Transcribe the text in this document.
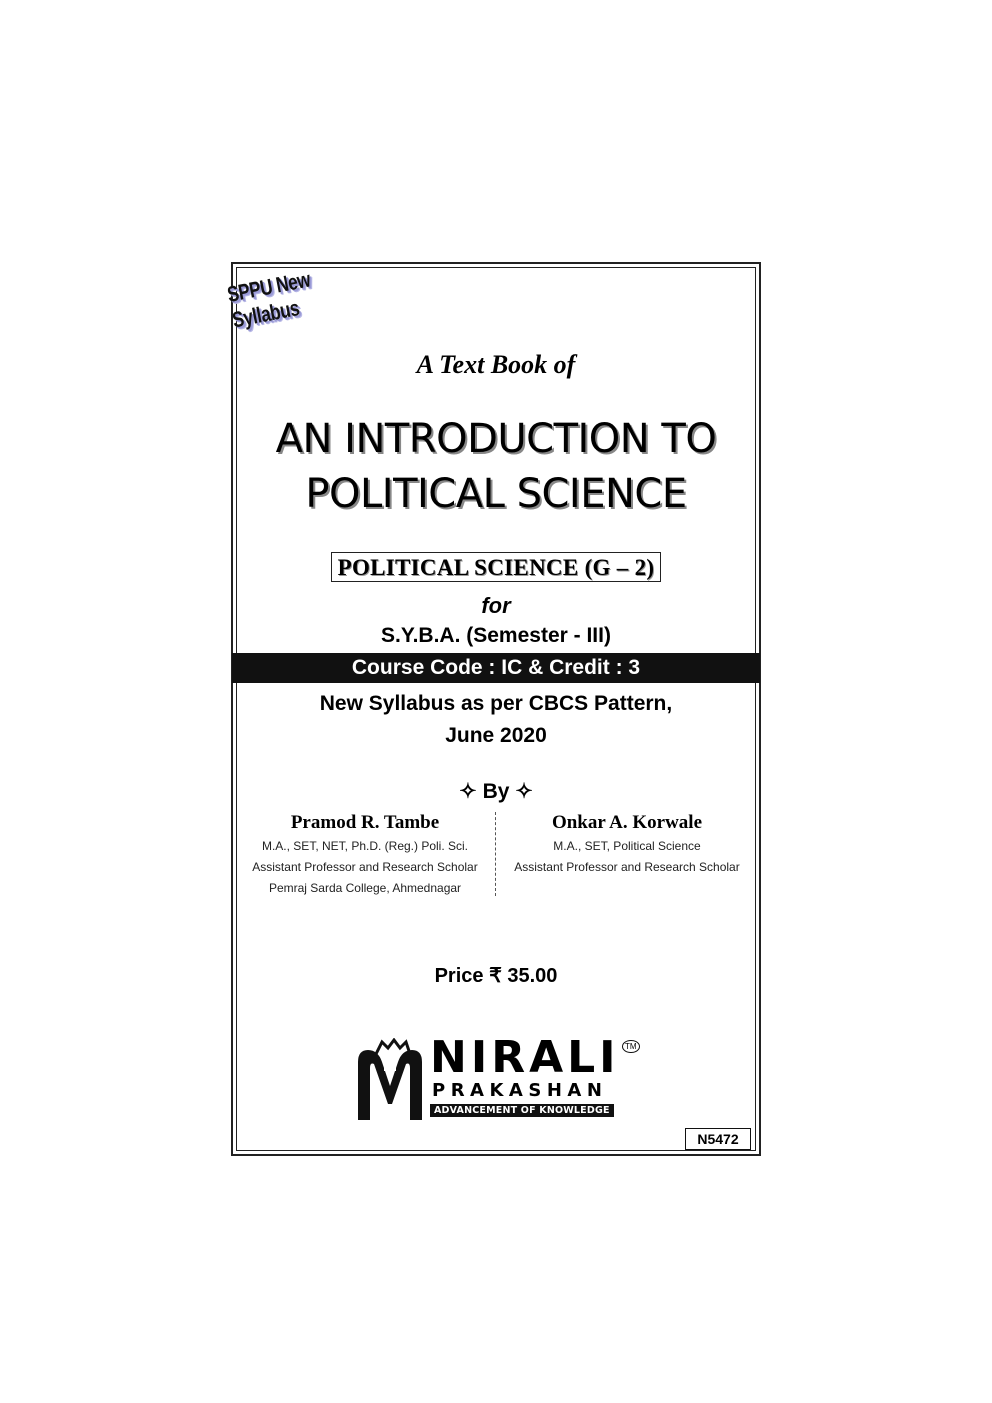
SPPU New Syllabus
A Text Book of
AN INTRODUCTION TO
POLITICAL SCIENCE
POLITICAL SCIENCE (G – 2)
for
S.Y.B.A. (Semester - III)
Course Code : IC & Credit : 3
New Syllabus as per CBCS Pattern,
June 2020
✧ By ✧
Pramod R. Tambe
M.A., SET, NET, Ph.D. (Reg.) Poli. Sci.
Assistant Professor and Research Scholar
Pemraj Sarda College, Ahmednagar
Onkar A. Korwale
M.A., SET, Political Science
Assistant Professor and Research Scholar
Price ₹ 35.00
NIRALI
PRAKASHAN
ADVANCEMENT OF KNOWLEDGE
TM
N5472
